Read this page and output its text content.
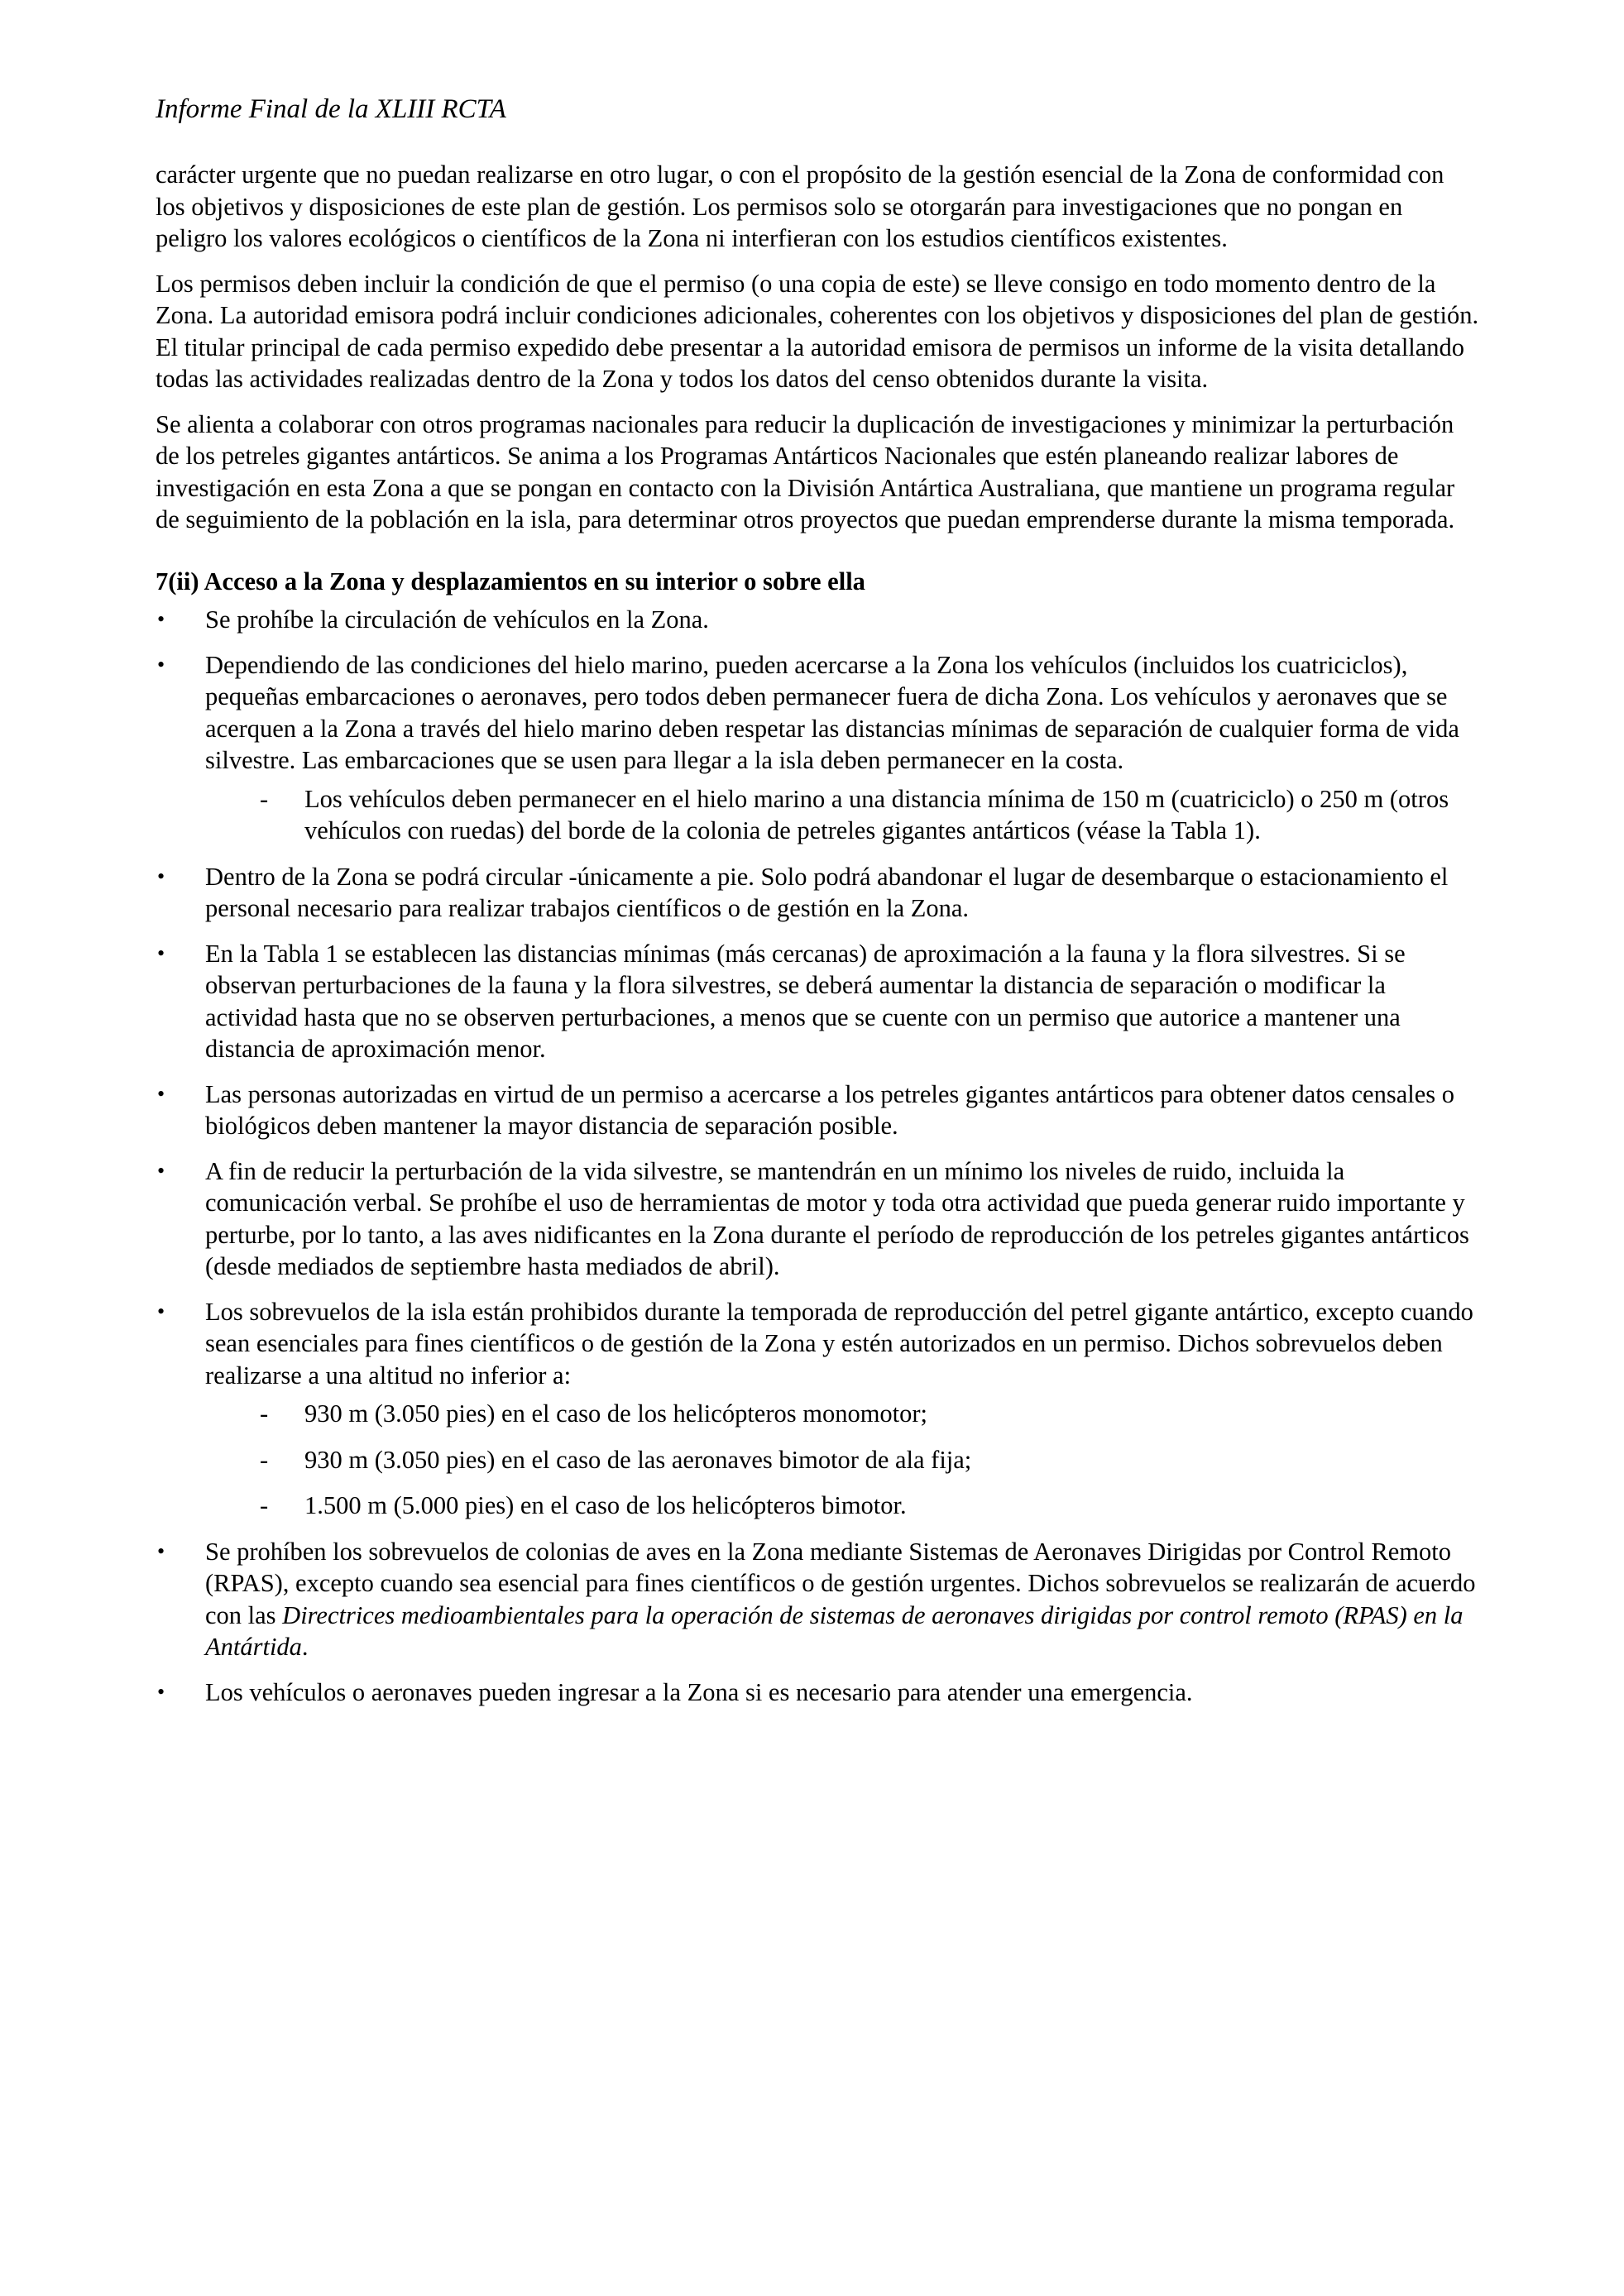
Informe Final de la XLIII RCTA

carácter urgente que no puedan realizarse en otro lugar, o con el propósito de la gestión esencial de la Zona de conformidad con los objetivos y disposiciones de este plan de gestión. Los permisos solo se otorgarán para investigaciones que no pongan en peligro los valores ecológicos o científicos de la Zona ni interfieran con los estudios científicos existentes.

Los permisos deben incluir la condición de que el permiso (o una copia de este) se lleve consigo en todo momento dentro de la Zona. La autoridad emisora podrá incluir condiciones adicionales, coherentes con los objetivos y disposiciones del plan de gestión. El titular principal de cada permiso expedido debe presentar a la autoridad emisora de permisos un informe de la visita detallando todas las actividades realizadas dentro de la Zona y todos los datos del censo obtenidos durante la visita.

Se alienta a colaborar con otros programas nacionales para reducir la duplicación de investigaciones y minimizar la perturbación de los petreles gigantes antárticos. Se anima a los Programas Antárticos Nacionales que estén planeando realizar labores de investigación en esta Zona a que se pongan en contacto con la División Antártica Australiana, que mantiene un programa regular de seguimiento de la población en la isla, para determinar otros proyectos que puedan emprenderse durante la misma temporada.

7(ii) Acceso a la Zona y desplazamientos en su interior o sobre ella
• Se prohíbe la circulación de vehículos en la Zona.
• Dependiendo de las condiciones del hielo marino, pueden acercarse a la Zona los vehículos (incluidos los cuatriciclos), pequeñas embarcaciones o aeronaves, pero todos deben permanecer fuera de dicha Zona. Los vehículos y aeronaves que se acerquen a la Zona a través del hielo marino deben respetar las distancias mínimas de separación de cualquier forma de vida silvestre. Las embarcaciones que se usen para llegar a la isla deben permanecer en la costa.
- Los vehículos deben permanecer en el hielo marino a una distancia mínima de 150 m (cuatriciclo) o 250 m (otros vehículos con ruedas) del borde de la colonia de petreles gigantes antárticos (véase la Tabla 1).
• Dentro de la Zona se podrá circular -únicamente a pie. Solo podrá abandonar el lugar de desembarque o estacionamiento el personal necesario para realizar trabajos científicos o de gestión en la Zona.
• En la Tabla 1 se establecen las distancias mínimas (más cercanas) de aproximación a la fauna y la flora silvestres. Si se observan perturbaciones de la fauna y la flora silvestres, se deberá aumentar la distancia de separación o modificar la actividad hasta que no se observen perturbaciones, a menos que se cuente con un permiso que autorice a mantener una distancia de aproximación menor.
• Las personas autorizadas en virtud de un permiso a acercarse a los petreles gigantes antárticos para obtener datos censales o biológicos deben mantener la mayor distancia de separación posible.
• A fin de reducir la perturbación de la vida silvestre, se mantendrán en un mínimo los niveles de ruido, incluida la comunicación verbal. Se prohíbe el uso de herramientas de motor y toda otra actividad que pueda generar ruido importante y perturbe, por lo tanto, a las aves nidificantes en la Zona durante el período de reproducción de los petreles gigantes antárticos (desde mediados de septiembre hasta mediados de abril).
• Los sobrevuelos de la isla están prohibidos durante la temporada de reproducción del petrel gigante antártico, excepto cuando sean esenciales para fines científicos o de gestión de la Zona y estén autorizados en un permiso. Dichos sobrevuelos deben realizarse a una altitud no inferior a:
- 930 m (3.050 pies) en el caso de los helicópteros monomotor;
- 930 m (3.050 pies) en el caso de las aeronaves bimotor de ala fija;
- 1.500 m (5.000 pies) en el caso de los helicópteros bimotor.
• Se prohíben los sobrevuelos de colonias de aves en la Zona mediante Sistemas de Aeronaves Dirigidas por Control Remoto (RPAS), excepto cuando sea esencial para fines científicos o de gestión urgentes. Dichos sobrevuelos se realizarán de acuerdo con las Directrices medioambientales para la operación de sistemas de aeronaves dirigidas por control remoto (RPAS) en la Antártida.
• Los vehículos o aeronaves pueden ingresar a la Zona si es necesario para atender una emergencia.
